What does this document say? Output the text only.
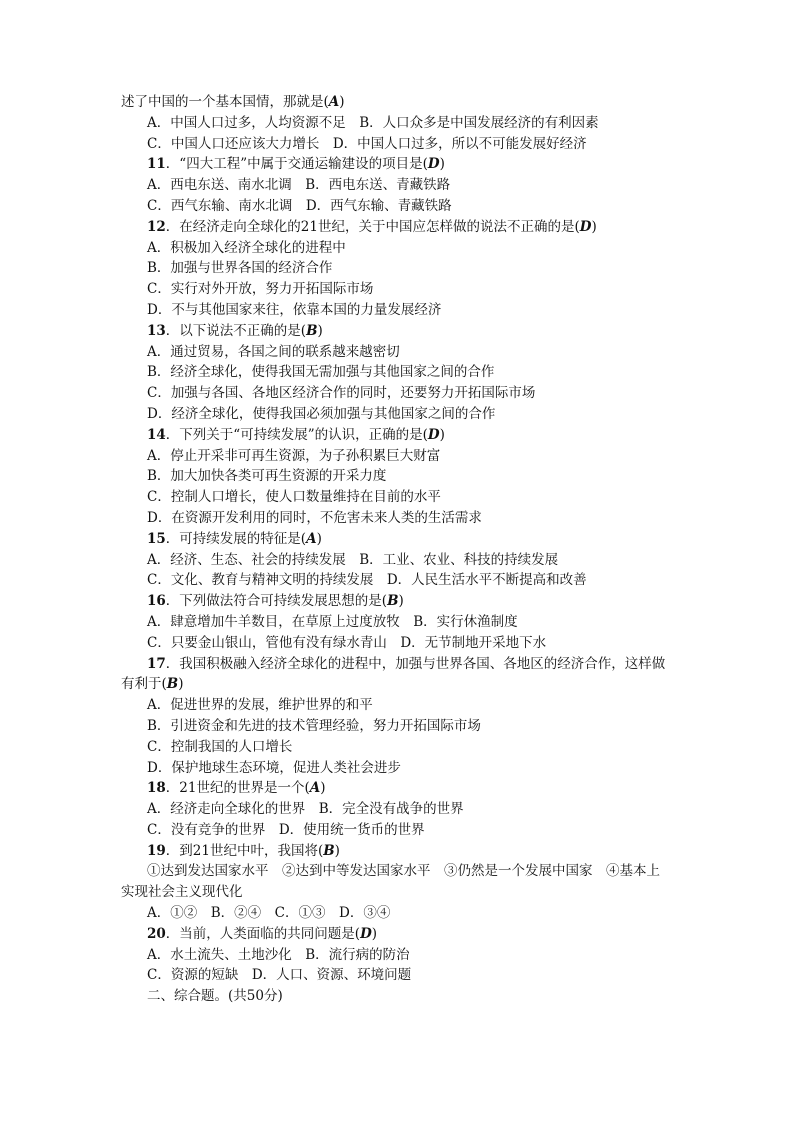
述了中国的一个基本国情，那就是(A)
A．中国人口过多，人均资源不足　B．人口众多是中国发展经济的有利因素
C．中国人口还应该大力增长　D．中国人口过多，所以不可能发展好经济
11．“四大工程”中属于交通运输建设的项目是(D)
A．西电东送、南水北调　B．西电东送、青藏铁路
C．西气东输、南水北调　D．西气东输、青藏铁路
12．在经济走向全球化的21世纪，关于中国应怎样做的说法不正确的是(D)
A．积极加入经济全球化的进程中
B．加强与世界各国的经济合作
C．实行对外开放，努力开拓国际市场
D．不与其他国家来往，依靠本国的力量发展经济
13．以下说法不正确的是(B)
A．通过贸易，各国之间的联系越来越密切
B．经济全球化，使得我国无需加强与其他国家之间的合作
C．加强与各国、各地区经济合作的同时，还要努力开拓国际市场
D．经济全球化，使得我国必须加强与其他国家之间的合作
14．下列关于“可持续发展”的认识，正确的是(D)
A．停止开采非可再生资源，为子孙积累巨大财富
B．加大加快各类可再生资源的开采力度
C．控制人口增长，使人口数量维持在目前的水平
D．在资源开发利用的同时，不危害未来人类的生活需求
15．可持续发展的特征是(A)
A．经济、生态、社会的持续发展　B．工业、农业、科技的持续发展
C．文化、教育与精神文明的持续发展　D．人民生活水平不断提高和改善
16．下列做法符合可持续发展思想的是(B)
A．肆意增加牛羊数目，在草原上过度放牧　B．实行休渔制度
C．只要金山银山，管他有没有绿水青山　D．无节制地开采地下水
17．我国积极融入经济全球化的进程中，加强与世界各国、各地区的经济合作，这样做
有利于(B)
A．促进世界的发展，维护世界的和平
B．引进资金和先进的技术管理经验，努力开拓国际市场
C．控制我国的人口增长
D．保护地球生态环境，促进人类社会进步
18．21世纪的世界是一个(A)
A．经济走向全球化的世界　B．完全没有战争的世界
C．没有竞争的世界　D．使用统一货币的世界
19．到21世纪中叶，我国将(B)
①达到发达国家水平　②达到中等发达国家水平　③仍然是一个发展中国家　④基本上
实现社会主义现代化
A．①②　B．②④　C．①③　D．③④
20．当前，人类面临的共同问题是(D)
A．水土流失、土地沙化　B．流行病的防治
C．资源的短缺　D．人口、资源、环境问题
二、综合题。(共50分)
